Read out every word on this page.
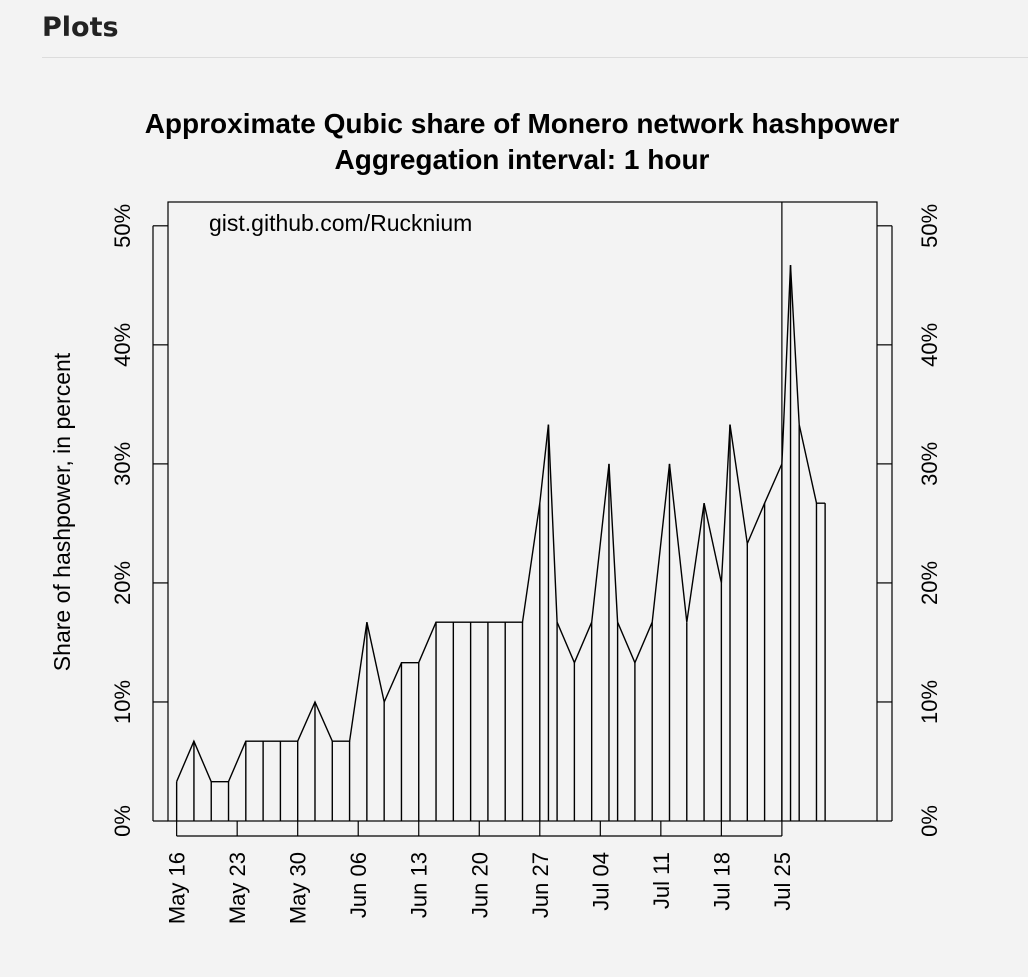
Plots
Approximate Qubic share of Monero network hashpower
Aggregation interval: 1 hour
gist.github.com/Rucknium
Share of hashpower, in percent
0%	0%
10%	10%
20%	20%
30%	30%
40%	40%
50%	50%
May 16 May 23 May 30 Jun 06 Jun 13 Jun 20 Jun 27 Jul 04 Jul 11 Jul 18 Jul 25
